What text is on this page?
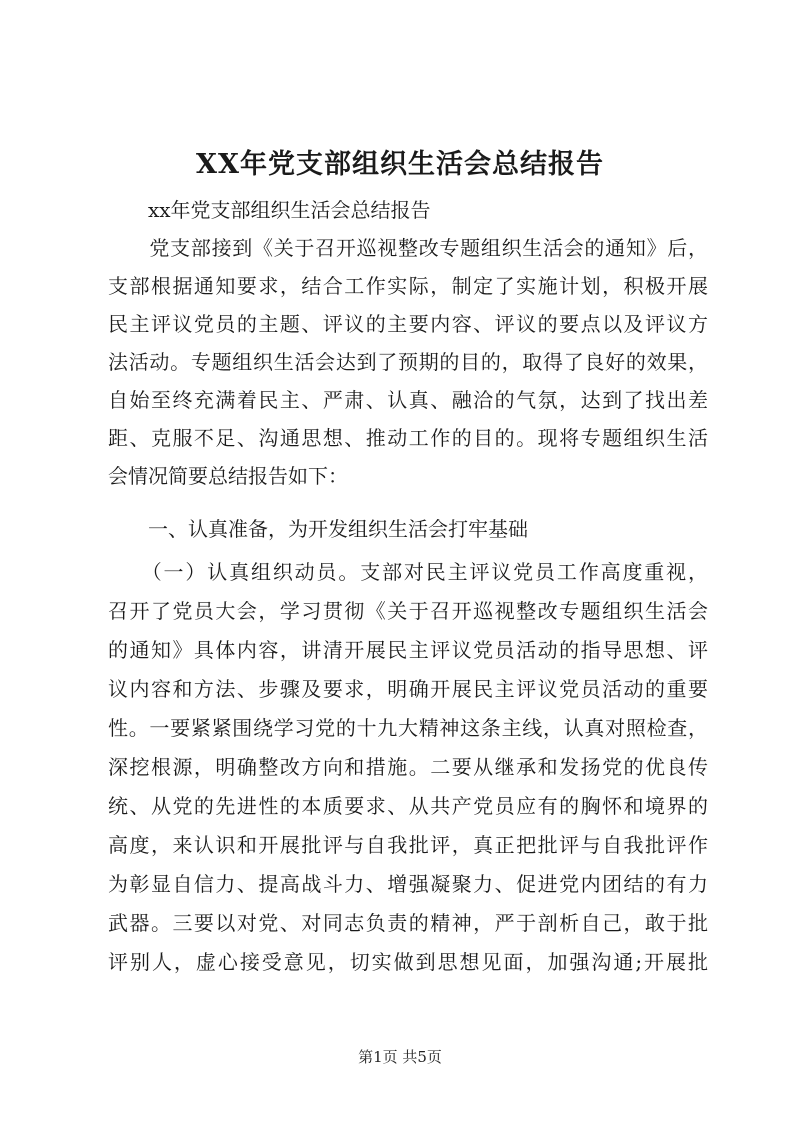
XX年党支部组织生活会总结报告

　　xx年党支部组织生活会总结报告

　　党支部接到《关于召开巡视整改专题组织生活会的通知》后，

支部根据通知要求，结合工作实际，制定了实施计划，积极开展

民主评议党员的主题、评议的主要内容、评议的要点以及评议方

法活动。专题组织生活会达到了预期的目的，取得了良好的效果，

自始至终充满着民主、严肃、认真、融洽的气氛，达到了找出差

距、克服不足、沟通思想、推动工作的目的。现将专题组织生活

会情况简要总结报告如下：

　　一、认真准备，为开发组织生活会打牢基础

　　（一）认真组织动员。支部对民主评议党员工作高度重视，

召开了党员大会，学习贯彻《关于召开巡视整改专题组织生活会

的通知》具体内容，讲清开展民主评议党员活动的指导思想、评

议内容和方法、步骤及要求，明确开展民主评议党员活动的重要

性。一要紧紧围绕学习党的十九大精神这条主线，认真对照检查，

深挖根源，明确整改方向和措施。二要从继承和发扬党的优良传

统、从党的先进性的本质要求、从共产党员应有的胸怀和境界的

高度，来认识和开展批评与自我批评，真正把批评与自我批评作

为彰显自信力、提高战斗力、增强凝聚力、促进党内团结的有力

武器。三要以对党、对同志负责的精神，严于剖析自己，敢于批

评别人，虚心接受意见，切实做到思想见面，加强沟通;开展批

第1页 共5页
